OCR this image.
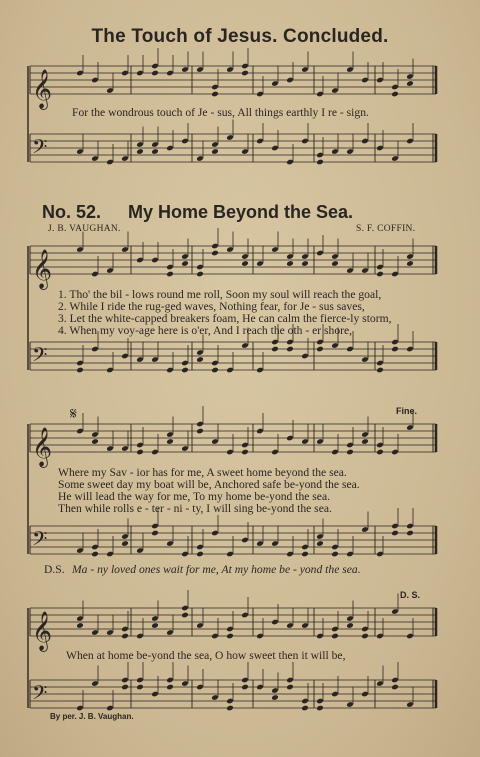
The Touch of Jesus. Concluded.
𝄞
𝄢
𝄞
𝄢
𝄞
𝄢
𝄞
𝄢
For the wondrous touch of Je - sus, All things earthly I re - sign.
No. 52. My Home Beyond the Sea.
J. B. VAUGHAN.	S. F. COFFIN.
1. Tho' the bil - lows round me roll, Soon my soul will reach the goal,
2. While I ride the rug-ged waves, Nothing fear, for Je - sus saves,
3. Let the white-capped breakers foam, He can calm the fierce-ly storm,
4. When my voy-age here is o'er, And I reach the oth - er shore,
Where my Sav - ior has for me, A sweet home beyond the sea.
Some sweet day my boat will be, Anchored safe be-yond the sea.
He will lead the way for me, To my home be-yond the sea.
Then while rolls e - ter - ni - ty, I will sing be-yond the sea.
D.S. Ma - ny loved ones wait for me, At my home be - yond the sea.
When at home be-yond the sea, O how sweet then it will be,
Fine.
D. S.
𝄋
By per. J. B. Vaughan.
